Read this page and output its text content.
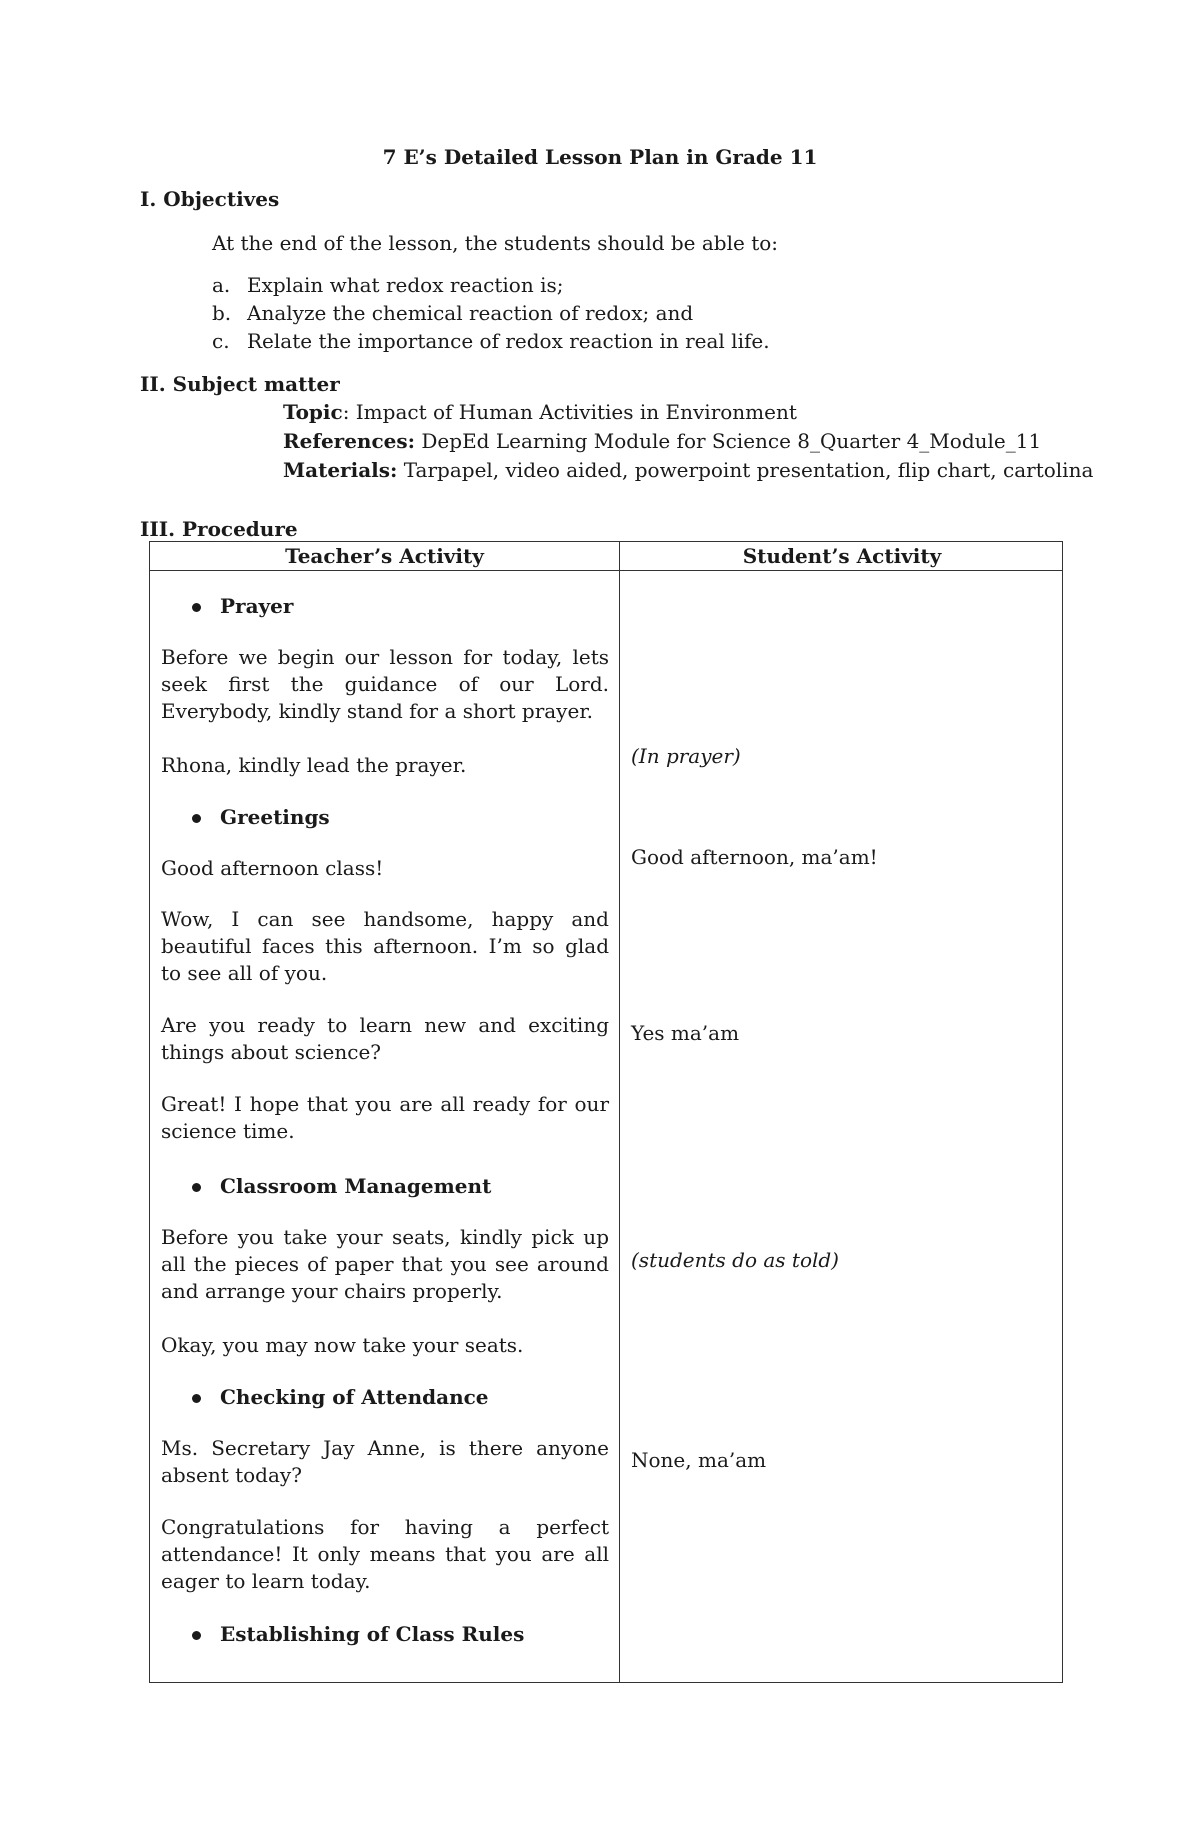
7 E’s Detailed Lesson Plan in Grade 11
I. Objectives
At the end of the lesson, the students should be able to:
a. Explain what redox reaction is;
b. Analyze the chemical reaction of redox; and
c. Relate the importance of redox reaction in real life.
II. Subject matter
Topic: Impact of Human Activities in Environment
References: DepEd Learning Module for Science 8_Quarter 4_Module_11
Materials: Tarpapel, video aided, powerpoint presentation, flip chart, cartolina
III. Procedure
Teacher’s Activity	Student’s Activity
Prayer
Before we begin our lesson for today, lets seek first the guidance of our Lord. Everybody, kindly stand for a short prayer.
Rhona, kindly lead the prayer.
Greetings
Good afternoon class!
Wow, I can see handsome, happy and beautiful faces this afternoon. I’m so glad to see all of you.
Are you ready to learn new and exciting things about science?
Great! I hope that you are all ready for our science time.
Classroom Management
Before you take your seats, kindly pick up all the pieces of paper that you see around and arrange your chairs properly.
Okay, you may now take your seats.
Checking of Attendance
Ms. Secretary Jay Anne, is there anyone absent today?
Congratulations for having a perfect attendance! It only means that you are all eager to learn today.
Establishing of Class Rules
(In prayer)
Good afternoon, ma’am!
Yes ma’am
(students do as told)
None, ma’am
